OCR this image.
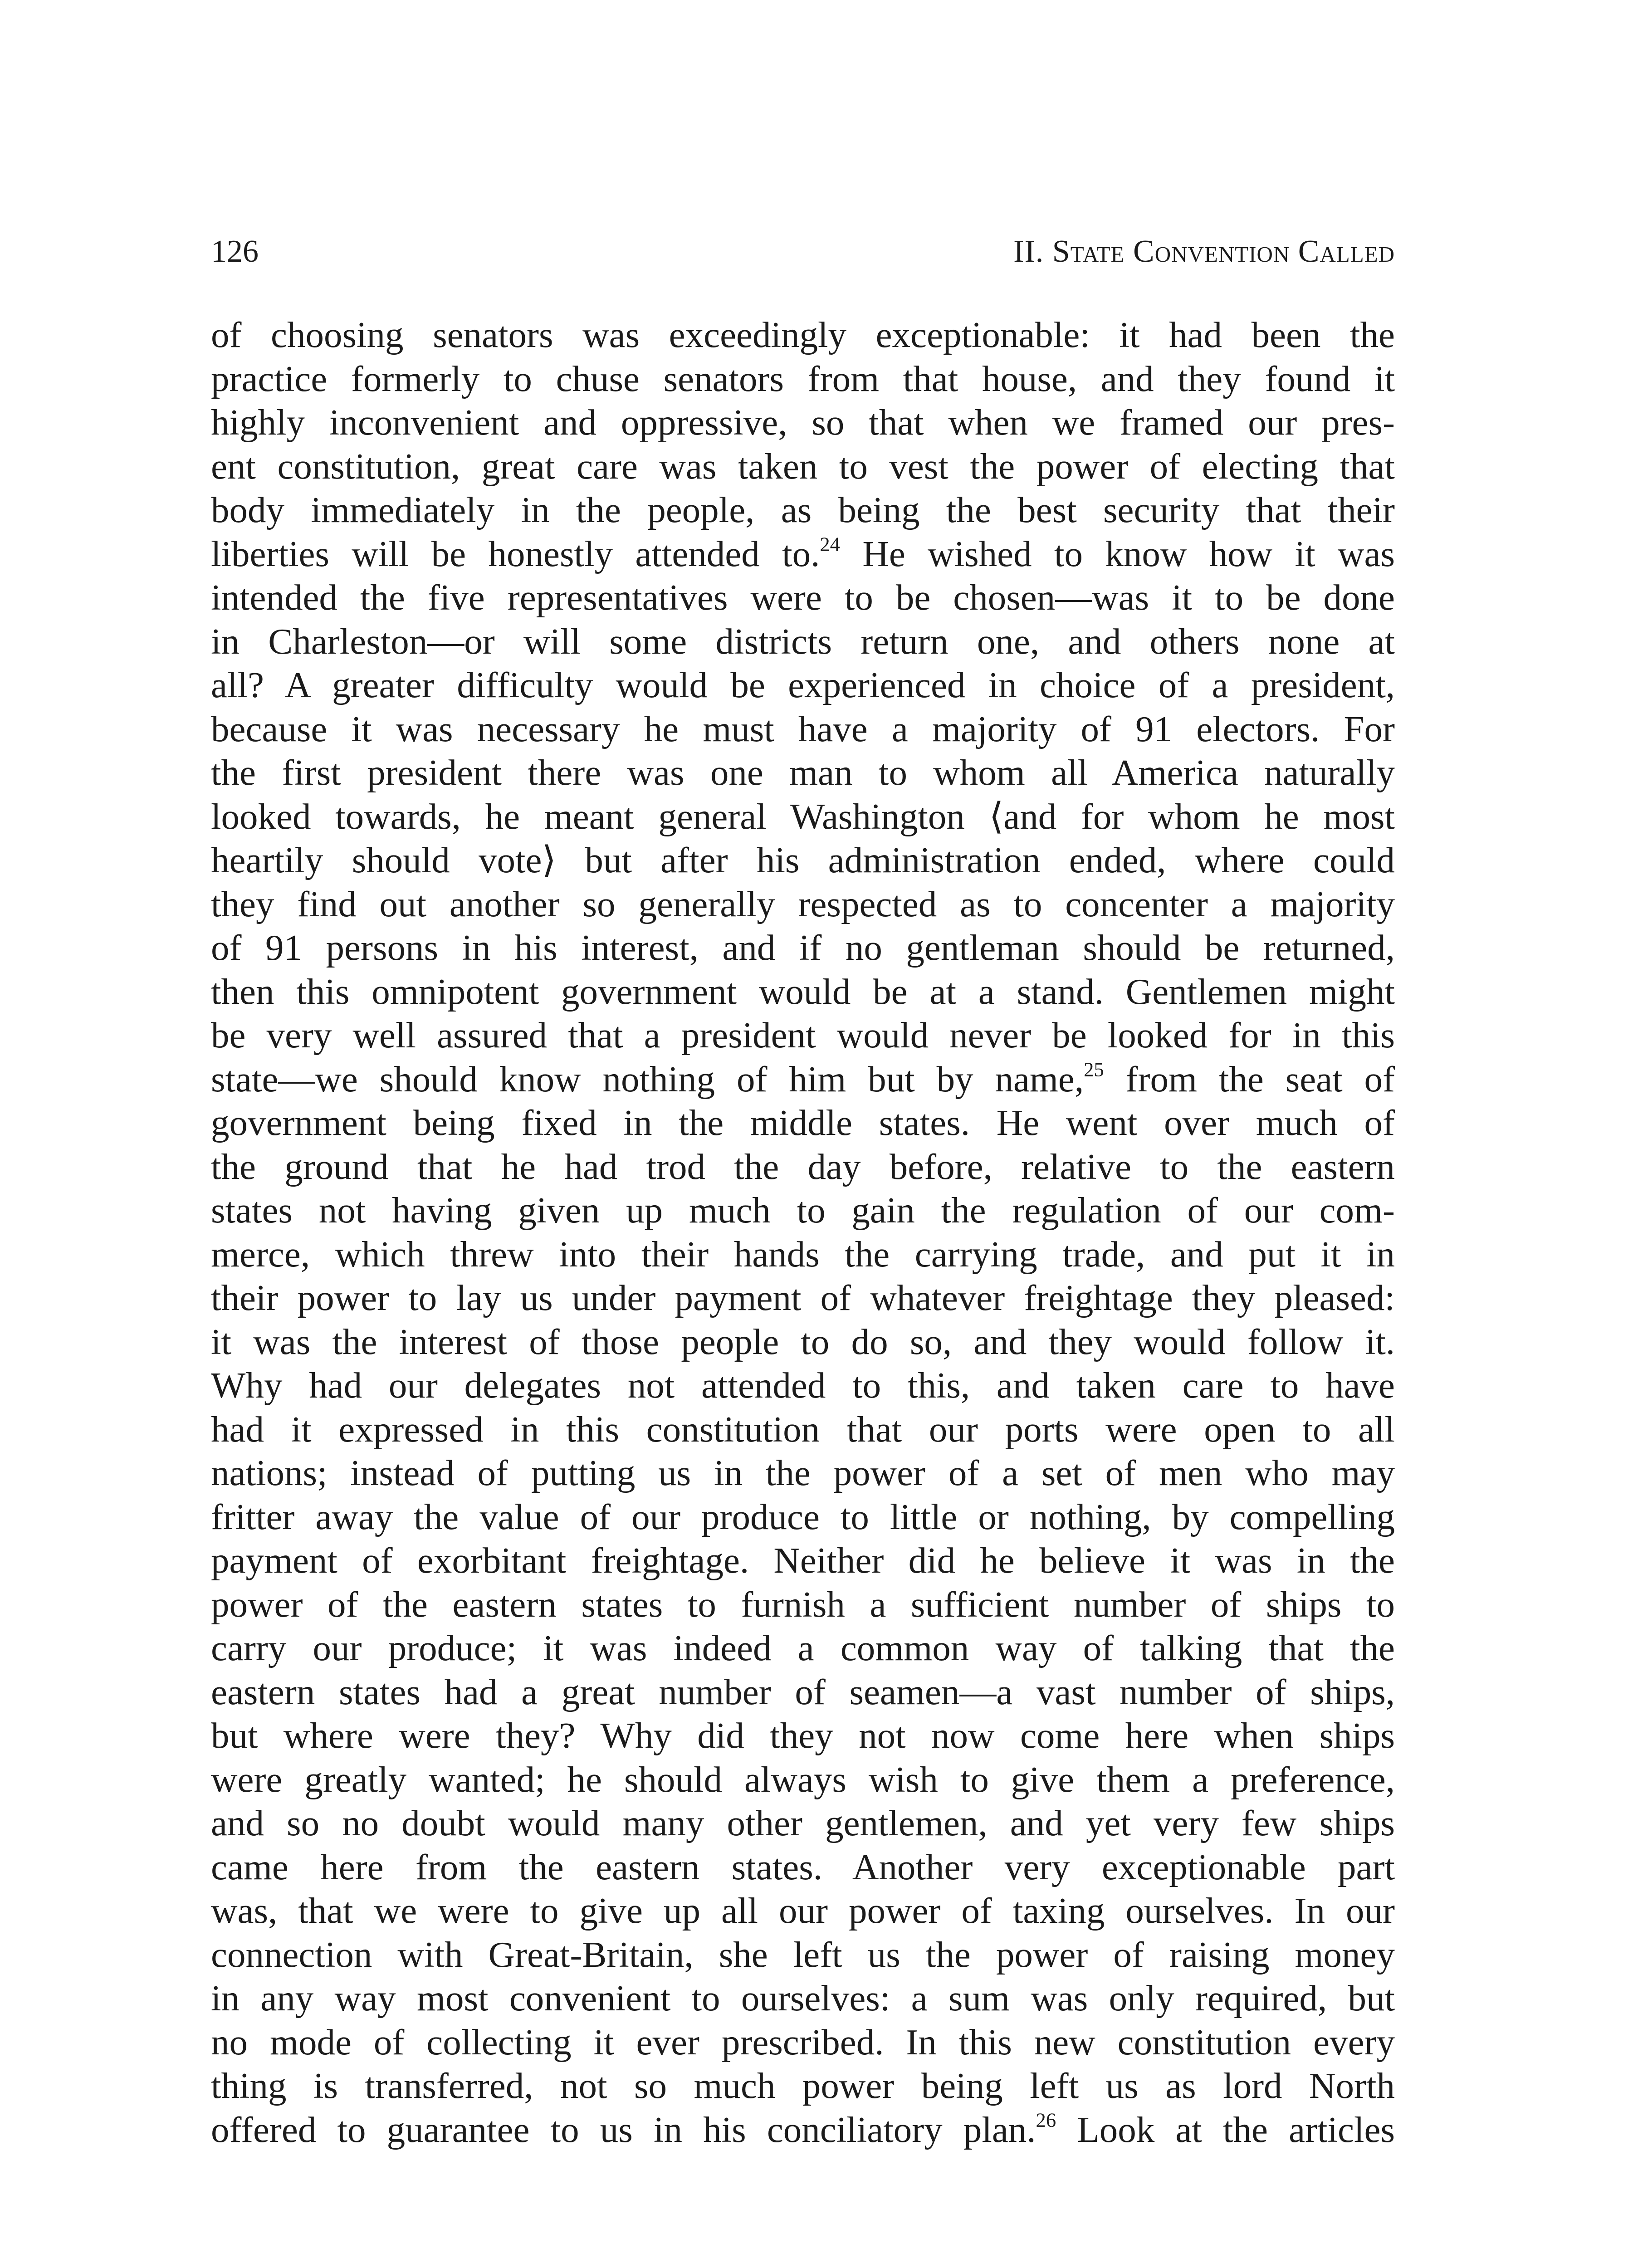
126	II. State Convention Called
of choosing senators was exceedingly exceptionable: it had been the
practice formerly to chuse senators from that house, and they found it
highly inconvenient and oppressive, so that when we framed our pres-
ent constitution, great care was taken to vest the power of electing that
body immediately in the people, as being the best security that their
liberties will be honestly attended to.$^{24}$ He wished to know how it was
intended the five representatives were to be chosen—was it to be done
in Charleston—or will some districts return one, and others none at
all? A greater difficulty would be experienced in choice of a president,
because it was necessary he must have a majority of 91 electors. For
the first president there was one man to whom all America naturally
looked towards, he meant general Washington ⟨and for whom he most
heartily should vote⟩ but after his administration ended, where could
they find out another so generally respected as to concenter a majority
of 91 persons in his interest, and if no gentleman should be returned,
then this omnipotent government would be at a stand. Gentlemen might
be very well assured that a president would never be looked for in this
state—we should know nothing of him but by name,$^{25}$ from the seat of
government being fixed in the middle states. He went over much of
the ground that he had trod the day before, relative to the eastern
states not having given up much to gain the regulation of our com-
merce, which threw into their hands the carrying trade, and put it in
their power to lay us under payment of whatever freightage they pleased:
it was the interest of those people to do so, and they would follow it.
Why had our delegates not attended to this, and taken care to have
had it expressed in this constitution that our ports were open to all
nations; instead of putting us in the power of a set of men who may
fritter away the value of our produce to little or nothing, by compelling
payment of exorbitant freightage. Neither did he believe it was in the
power of the eastern states to furnish a sufficient number of ships to
carry our produce; it was indeed a common way of talking that the
eastern states had a great number of seamen—a vast number of ships,
but where were they? Why did they not now come here when ships
were greatly wanted; he should always wish to give them a preference,
and so no doubt would many other gentlemen, and yet very few ships
came here from the eastern states. Another very exceptionable part
was, that we were to give up all our power of taxing ourselves. In our
connection with Great-Britain, she left us the power of raising money
in any way most convenient to ourselves: a sum was only required, but
no mode of collecting it ever prescribed. In this new constitution every
thing is transferred, not so much power being left us as lord North
offered to guarantee to us in his conciliatory plan.$^{26}$ Look at the articles
